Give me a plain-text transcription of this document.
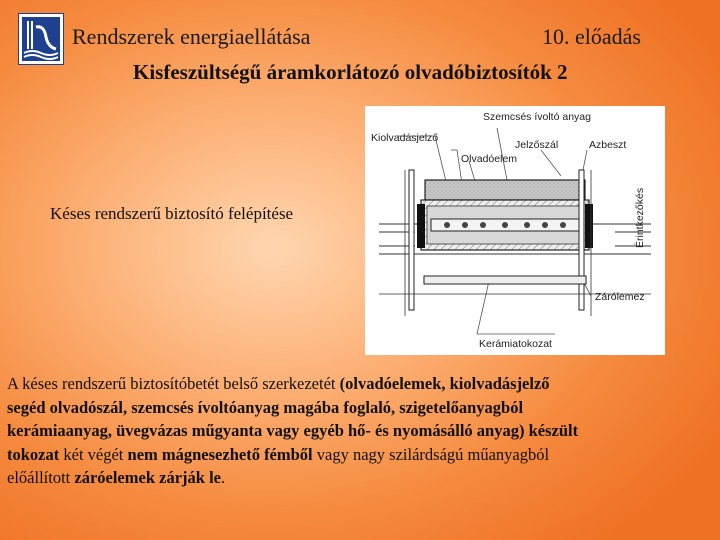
Rendszerek energiaellátása	10. előadás
Kisfeszültségű áramkorlátozó olvadóbiztosítók 2
Késes rendszerű biztosító felépítése
Szemcsés ívoltó anyag
Kiolvadásjelző
Jelzőszál	Azbeszt
Olvadóelem
Érintkezőkés
Zárólemez
Kerámiatokozat
A késes rendszerű biztosítóbetét belső szerkezetét (olvadóelemek, kiolvadásjelző
segéd olvadószál, szemcsés ívoltóanyag magába foglaló, szigetelőanyagból
kerámiaanyag, üvegvázas műgyanta vagy egyéb hő- és nyomásálló anyag) készült
tokozat két végét nem mágnesezhető fémből vagy nagy szilárdságú műanyagból
előállított záróelemek zárják le.
